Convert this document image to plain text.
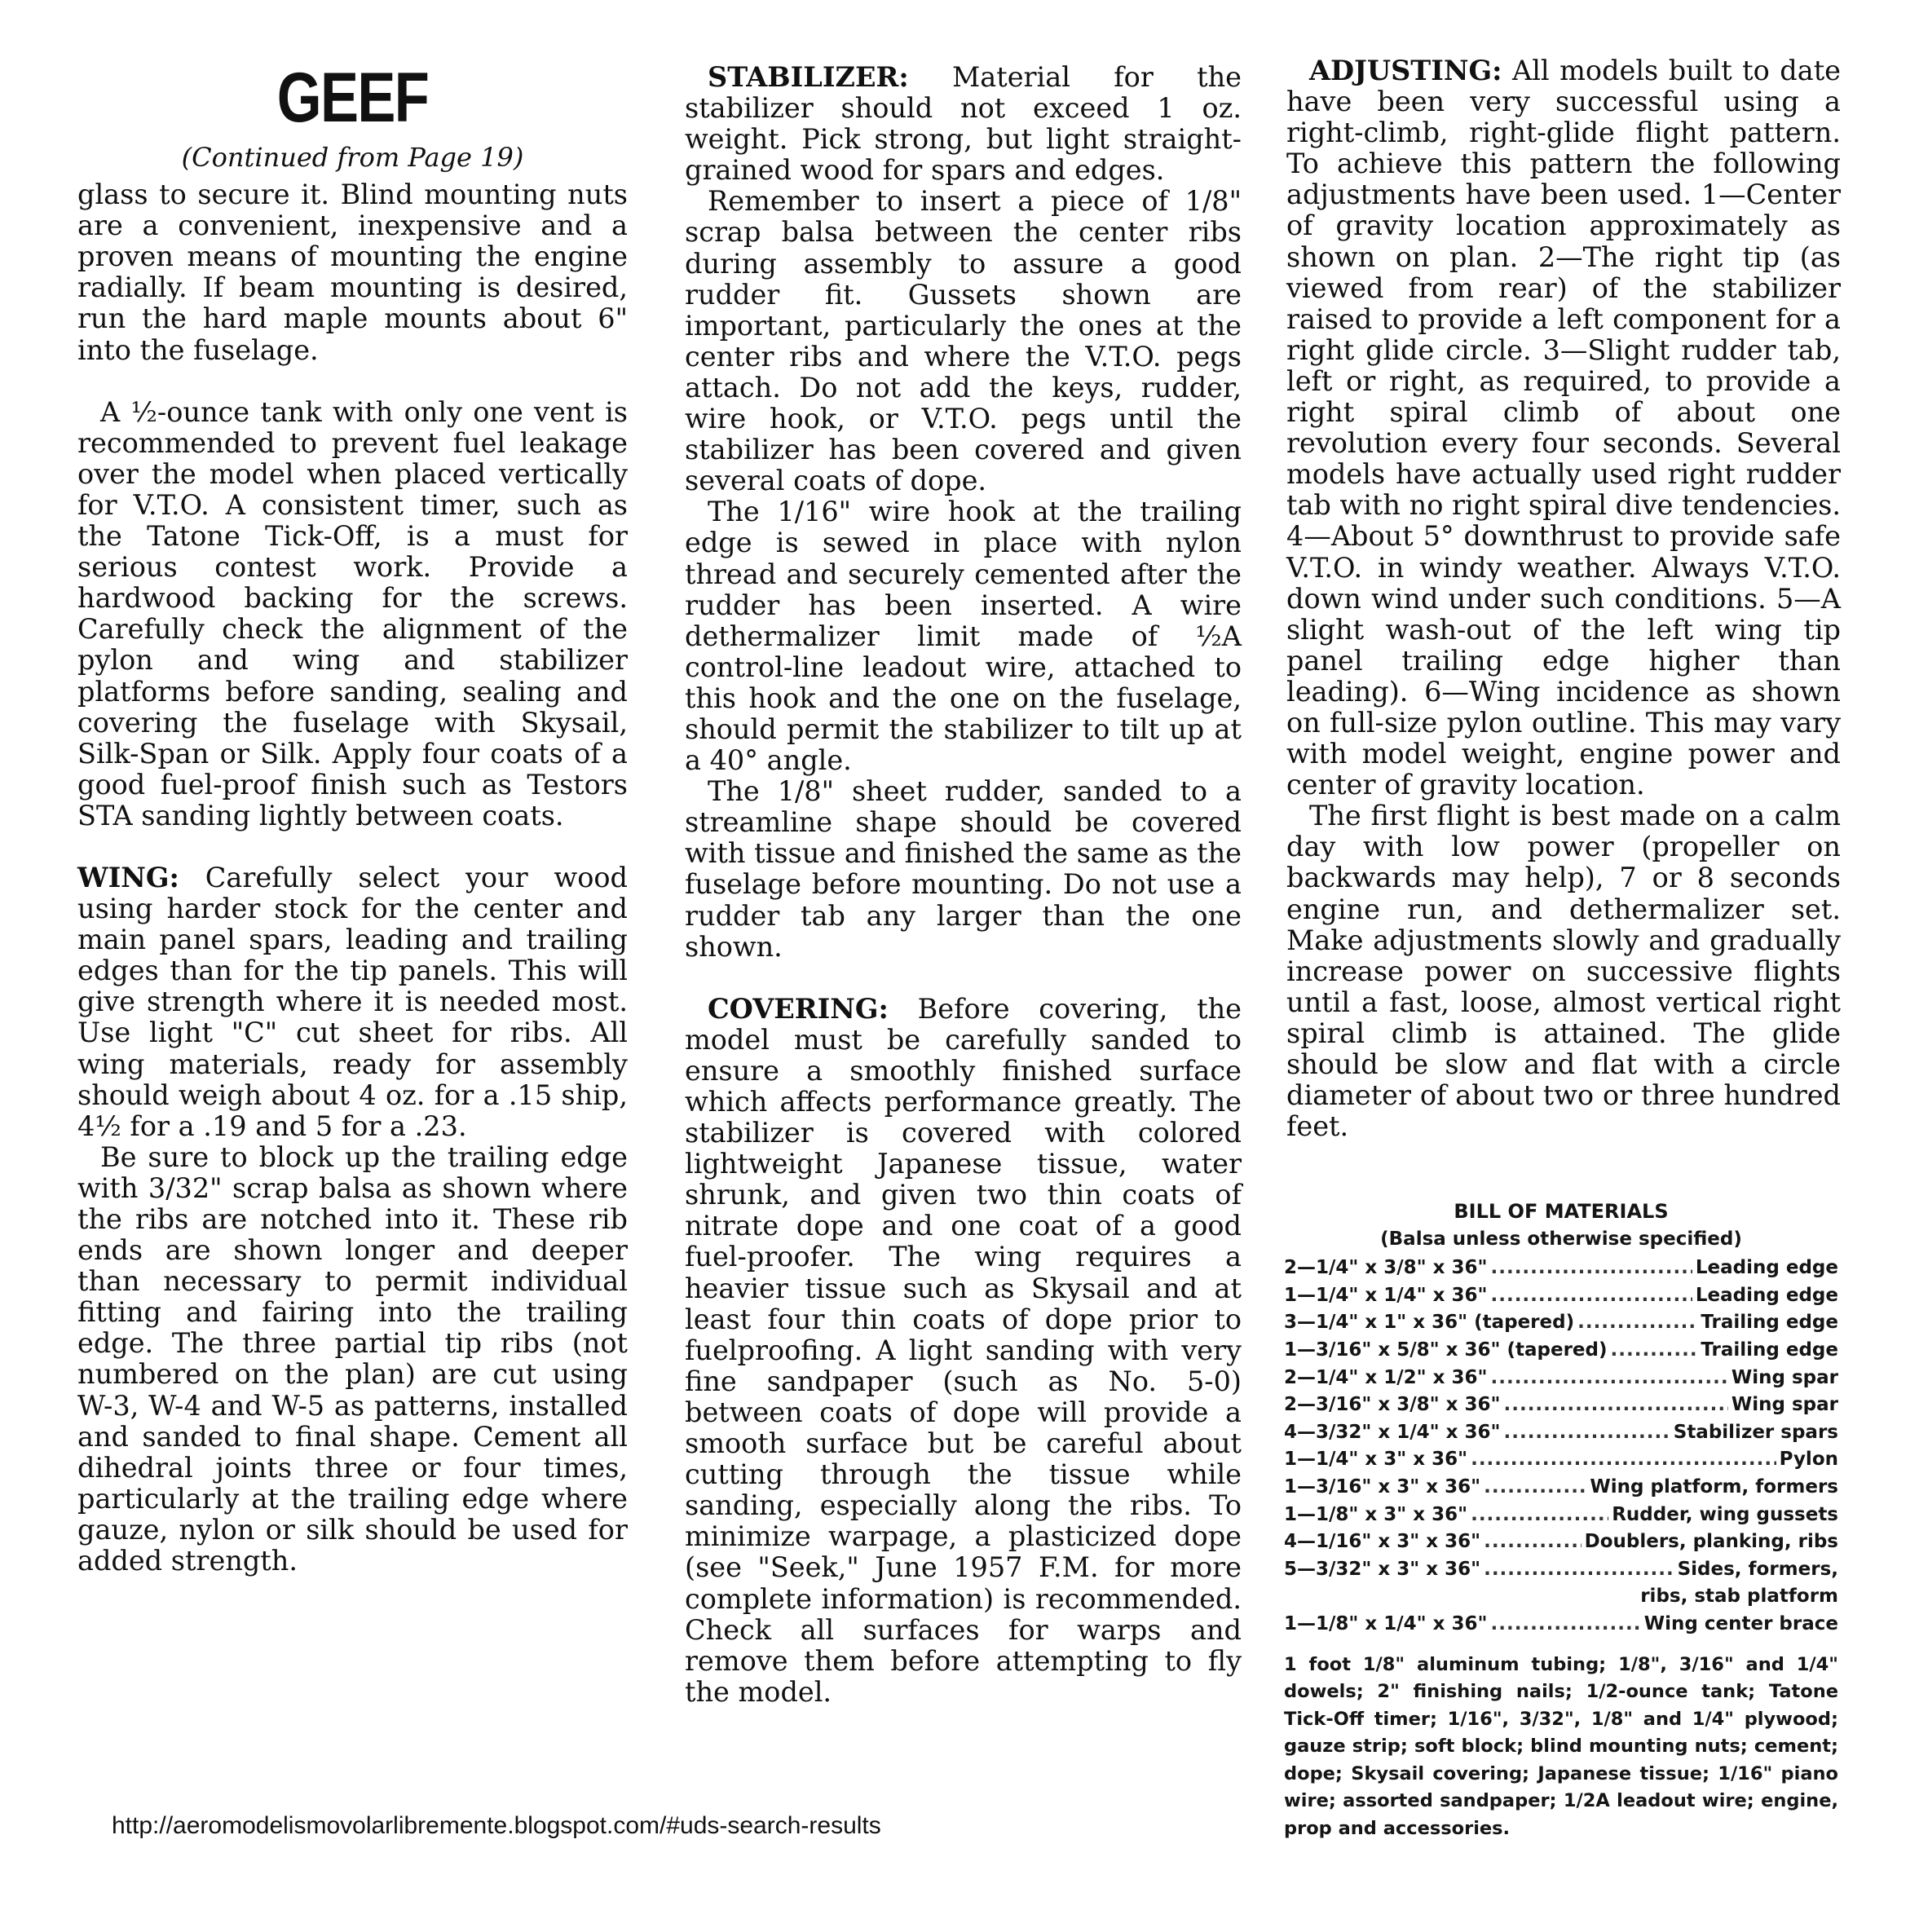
GEEF
(Continued from Page 19)

glass to secure it. Blind mounting nuts are a convenient, inexpensive and a proven means of mounting the engine radially. If beam mounting is desired, run the hard maple mounts about 6" into the fuselage.

A ½-ounce tank with only one vent is recommended to prevent fuel leakage over the model when placed vertically for V.T.O. A consistent timer, such as the Tatone Tick-Off, is a must for serious contest work. Provide a hardwood backing for the screws. Carefully check the alignment of the pylon and wing and stabilizer platforms before sanding, sealing and covering the fuselage with Skysail, Silk-Span or Silk. Apply four coats of a good fuel-proof finish such as Testors STA sanding lightly between coats.

WING: Carefully select your wood using harder stock for the center and main panel spars, leading and trailing edges than for the tip panels. This will give strength where it is needed most. Use light "C" cut sheet for ribs. All wing materials, ready for assembly should weigh about 4 oz. for a .15 ship, 4½ for a .19 and 5 for a .23.

Be sure to block up the trailing edge with 3/32" scrap balsa as shown where the ribs are notched into it. These rib ends are shown longer and deeper than necessary to permit individual fitting and fairing into the trailing edge. The three partial tip ribs (not numbered on the plan) are cut using W-3, W-4 and W-5 as patterns, installed and sanded to final shape. Cement all dihedral joints three or four times, particularly at the trailing edge where gauze, nylon or silk should be used for added strength.

STABILIZER: Material for the stabilizer should not exceed 1 oz. weight. Pick strong, but light straight-grained wood for spars and edges.

Remember to insert a piece of 1/8" scrap balsa between the center ribs during assembly to assure a good rudder fit. Gussets shown are important, particularly the ones at the center ribs and where the V.T.O. pegs attach. Do not add the keys, rudder, wire hook, or V.T.O. pegs until the stabilizer has been covered and given several coats of dope.

The 1/16" wire hook at the trailing edge is sewed in place with nylon thread and securely cemented after the rudder has been inserted. A wire dethermalizer limit made of ½A control-line leadout wire, attached to this hook and the one on the fuselage, should permit the stabilizer to tilt up at a 40° angle.

The 1/8" sheet rudder, sanded to a streamline shape should be covered with tissue and finished the same as the fuselage before mounting. Do not use a rudder tab any larger than the one shown.

COVERING: Before covering, the model must be carefully sanded to ensure a smoothly finished surface which affects performance greatly. The stabilizer is covered with colored lightweight Japanese tissue, water shrunk, and given two thin coats of nitrate dope and one coat of a good fuel-proofer. The wing requires a heavier tissue such as Skysail and at least four thin coats of dope prior to fuelproofing. A light sanding with very fine sandpaper (such as No. 5-0) between coats of dope will provide a smooth surface but be careful about cutting through the tissue while sanding, especially along the ribs. To minimize warpage, a plasticized dope (see "Seek," June 1957 F.M. for more complete information) is recommended. Check all surfaces for warps and remove them before attempting to fly the model.

ADJUSTING: All models built to date have been very successful using a right-climb, right-glide flight pattern. To achieve this pattern the following adjustments have been used. 1—Center of gravity location approximately as shown on plan. 2—The right tip (as viewed from rear) of the stabilizer raised to provide a left component for a right glide circle. 3—Slight rudder tab, left or right, as required, to provide a right spiral climb of about one revolution every four seconds. Several models have actually used right rudder tab with no right spiral dive tendencies. 4—About 5° downthrust to provide safe V.T.O. in windy weather. Always V.T.O. down wind under such conditions. 5—A slight wash-out of the left wing tip panel trailing edge higher than leading). 6—Wing incidence as shown on full-size pylon outline. This may vary with model weight, engine power and center of gravity location.

The first flight is best made on a calm day with low power (propeller on backwards may help), 7 or 8 seconds engine run, and dethermalizer set. Make adjustments slowly and gradually increase power on successive flights until a fast, loose, almost vertical right spiral climb is attained. The glide should be slow and flat with a circle diameter of about two or three hundred feet.

BILL OF MATERIALS
(Balsa unless otherwise specified)
2—1/4" x 3/8" x 36" .....	Leading edge
1—1/4" x 1/4" x 36" .....	Leading edge
3—1/4" x 1" x 36" (tapered) .....	Trailing edge
1—3/16" x 5/8" x 36" (tapered) .....	Trailing edge
2—1/4" x 1/2" x 36" .....	Wing spar
2—3/16" x 3/8" x 36" .....	Wing spar
4—3/32" x 1/4" x 36" .....	Stabilizer spars
1—1/4" x 3" x 36" .....	Pylon
1—3/16" x 3" x 36" .....	Wing platform, formers
1—1/8" x 3" x 36" .....	Rudder, wing gussets
4—1/16" x 3" x 36" .....	Doublers, planking, ribs
5—3/32" x 3" x 36" .....	Sides, formers,
ribs, stab platform
1—1/8" x 1/4" x 36" .....	Wing center brace
1 foot 1/8" aluminum tubing; 1/8", 3/16" and 1/4" dowels; 2" finishing nails; 1/2-ounce tank; Tatone Tick-Off timer; 1/16", 3/32", 1/8" and 1/4" plywood; gauze strip; soft block; blind mounting nuts; cement; dope; Skysail covering; Japanese tissue; 1/16" piano wire; assorted sandpaper; 1/2A leadout wire; engine, prop and accessories.
http://aeromodelismovolarlibremente.blogspot.com/#uds-search-results
